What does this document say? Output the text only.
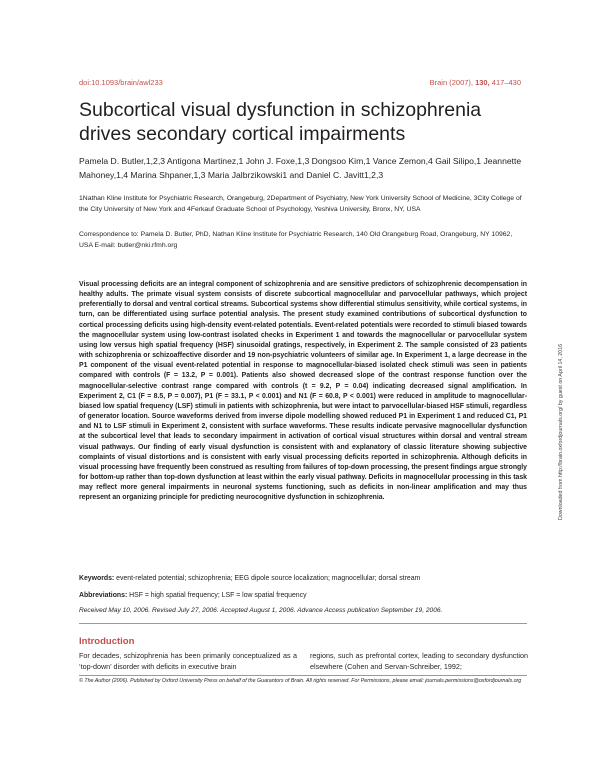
doi:10.1093/brain/awl233	Brain (2007), 130, 417–430
Subcortical visual dysfunction in schizophrenia drives secondary cortical impairments
Pamela D. Butler,1,2,3 Antigona Martinez,1 John J. Foxe,1,3 Dongsoo Kim,1 Vance Zemon,4 Gail Silipo,1 Jeannette Mahoney,1,4 Marina Shpaner,1,3 Maria Jalbrzikowski1 and Daniel C. Javitt1,2,3
1Nathan Kline Institute for Psychiatric Research, Orangeburg, 2Department of Psychiatry, New York University School of Medicine, 3City College of the City University of New York and 4Ferkauf Graduate School of Psychology, Yeshiva University, Bronx, NY, USA
Correspondence to: Pamela D. Butler, PhD, Nathan Kline Institute for Psychiatric Research, 140 Old Orangeburg Road, Orangeburg, NY 10962, USA E-mail: butler@nki.rfmh.org
Visual processing deficits are an integral component of schizophrenia and are sensitive predictors of schizophrenic decompensation in healthy adults. The primate visual system consists of discrete subcortical magnocellular and parvocellular pathways, which project preferentially to dorsal and ventral cortical streams. Subcortical systems show differential stimulus sensitivity, while cortical systems, in turn, can be differentiated using surface potential analysis. The present study examined contributions of subcortical dysfunction to cortical processing deficits using high-density event-related potentials. Event-related potentials were recorded to stimuli biased towards the magnocellular system using low-contrast isolated checks in Experiment 1 and towards the magnocellular or parvocellular system using low versus high spatial frequency (HSF) sinusoidal gratings, respectively, in Experiment 2. The sample consisted of 23 patients with schizophrenia or schizoaffective disorder and 19 non-psychiatric volunteers of similar age. In Experiment 1, a large decrease in the P1 component of the visual event-related potential in response to magnocellular-biased isolated check stimuli was seen in patients compared with controls (F = 13.2, P = 0.001). Patients also showed decreased slope of the contrast response function over the magnocellular-selective contrast range compared with controls (t = 9.2, P = 0.04) indicating decreased signal amplification. In Experiment 2, C1 (F = 8.5, P = 0.007), P1 (F = 33.1, P < 0.001) and N1 (F = 60.8, P < 0.001) were reduced in amplitude to magnocellular-biased low spatial frequency (LSF) stimuli in patients with schizophrenia, but were intact to parvocellular-biased HSF stimuli, regardless of generator location. Source waveforms derived from inverse dipole modelling showed reduced P1 in Experiment 1 and reduced C1, P1 and N1 to LSF stimuli in Experiment 2, consistent with surface waveforms. These results indicate pervasive magnocellular dysfunction at the subcortical level that leads to secondary impairment in activation of cortical visual structures within dorsal and ventral stream visual pathways. Our finding of early visual dysfunction is consistent with and explanatory of classic literature showing subjective complaints of visual distortions and is consistent with early visual processing deficits reported in schizophrenia. Although deficits in visual processing have frequently been construed as resulting from failures of top-down processing, the present findings argue strongly for bottom-up rather than top-down dysfunction at least within the early visual pathway. Deficits in magnocellular processing in this task may reflect more general impairments in neuronal systems functioning, such as deficits in non-linear amplification and may thus represent an organizing principle for predicting neurocognitive dysfunction in schizophrenia.
Keywords: event-related potential; schizophrenia; EEG dipole source localization; magnocellular; dorsal stream
Abbreviations: HSF = high spatial frequency; LSF = low spatial frequency
Received May 10, 2006. Revised July 27, 2006. Accepted August 1, 2006. Advance Access publication September 19, 2006.
Introduction
For decades, schizophrenia has been primarily conceptualized as a ‘top-down’ disorder with deficits in executive brain
regions, such as prefrontal cortex, leading to secondary dysfunction elsewhere (Cohen and Servan-Schreiber, 1992;
© The Author (2006). Published by Oxford University Press on behalf of the Guarantors of Brain. All rights reserved. For Permissions, please email: journals.permissions@oxfordjournals.org
Downloaded from http://brain.oxfordjournals.org/ by guest on April 14, 2016
